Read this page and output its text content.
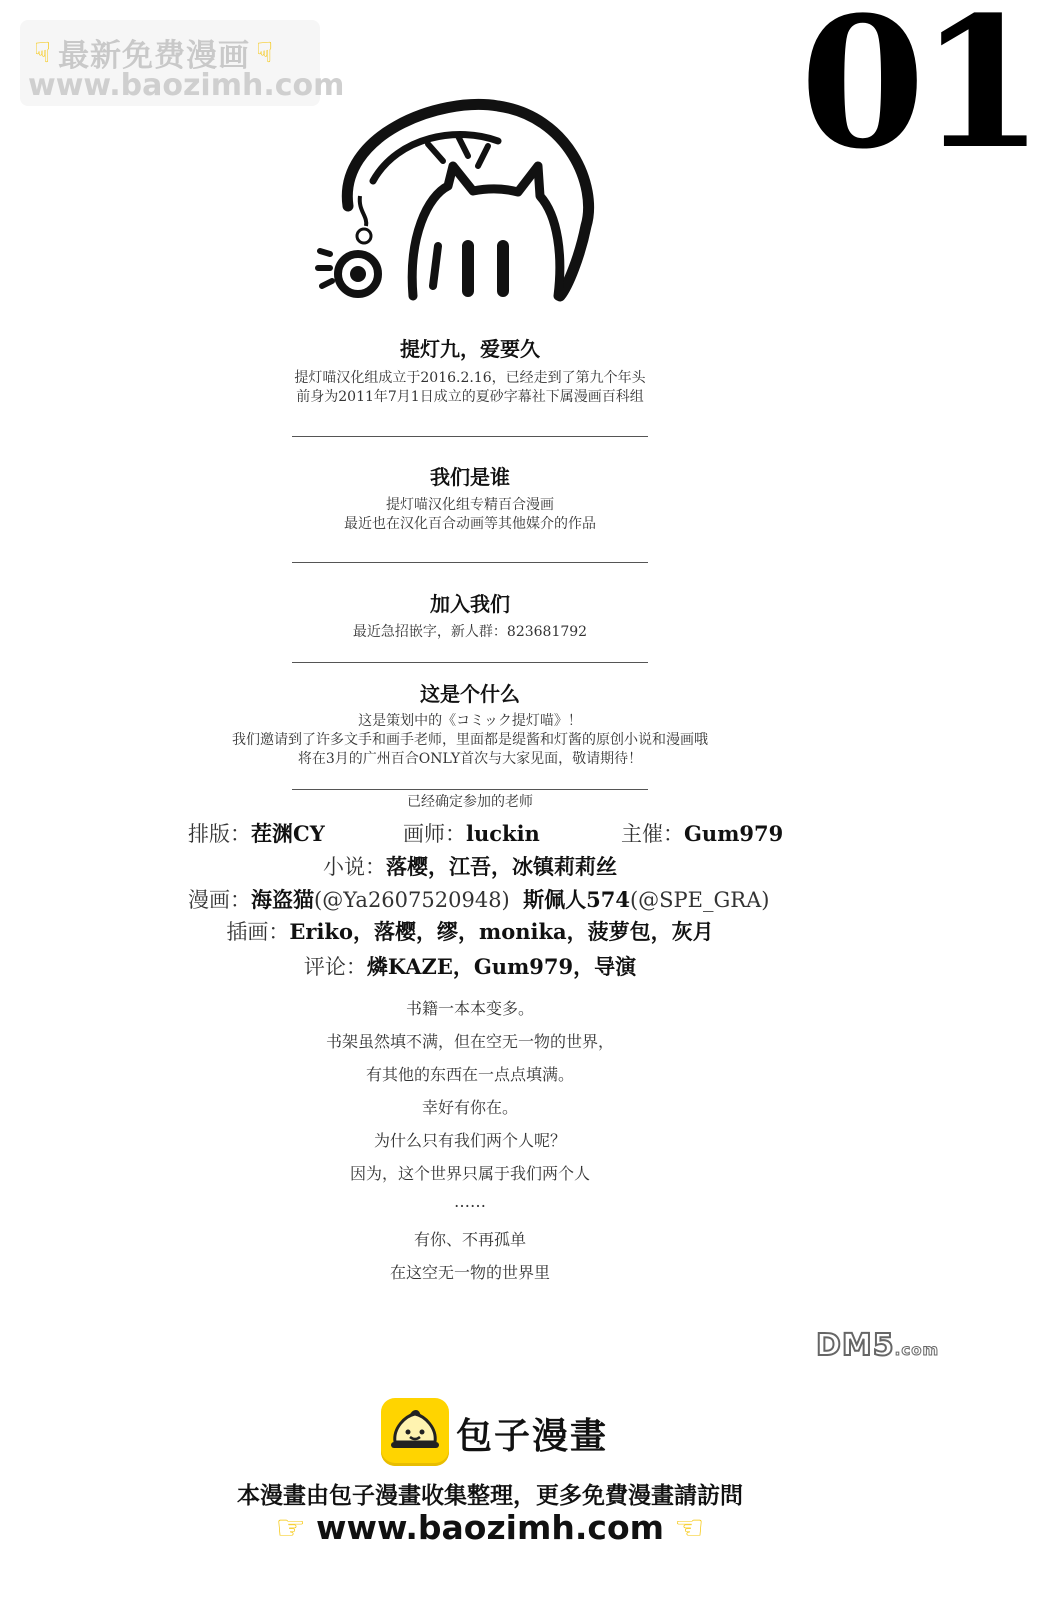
☟ 最新免费漫画 ☟
www.baozimh.com	01
提灯九，爱要久
提灯喵汉化组成立于2016.2.16，已经走到了第九个年头
前身为2011年7月1日成立的夏砂字幕社下属漫画百科组
我们是谁
提灯喵汉化组专精百合漫画
最近也在汉化百合动画等其他媒介的作品
加入我们
最近急招嵌字，新人群：823681792
这是个什么
这是策划中的《コミック提灯喵》！
我们邀请到了许多文手和画手老师，里面都是缇酱和灯酱的原创小说和漫画哦
将在3月的广州百合ONLY首次与大家见面，敬请期待！
已经确定参加的老师
排版：茬渊CY	画师：luckin	主催：Gum979
小说：落樱，江吾，冰镇莉莉丝
漫画：海盗猫(@Ya2607520948) 斯佩人574(@SPE_GRA)
插画：Eriko，落樱，缪，monika，菠萝包，灰月
评论：燐KAZE，Gum979，导演
书籍一本本变多。
书架虽然填不满，但在空无一物的世界，
有其他的东西在一点点填满。
幸好有你在。
为什么只有我们两个人呢？
因为，这个世界只属于我们两个人
……
有你、不再孤单
在这空无一物的世界里
DM5.com
包子漫畫
本漫畫由包子漫畫收集整理，更多免費漫畫請訪問
☞ www.baozimh.com ☜
